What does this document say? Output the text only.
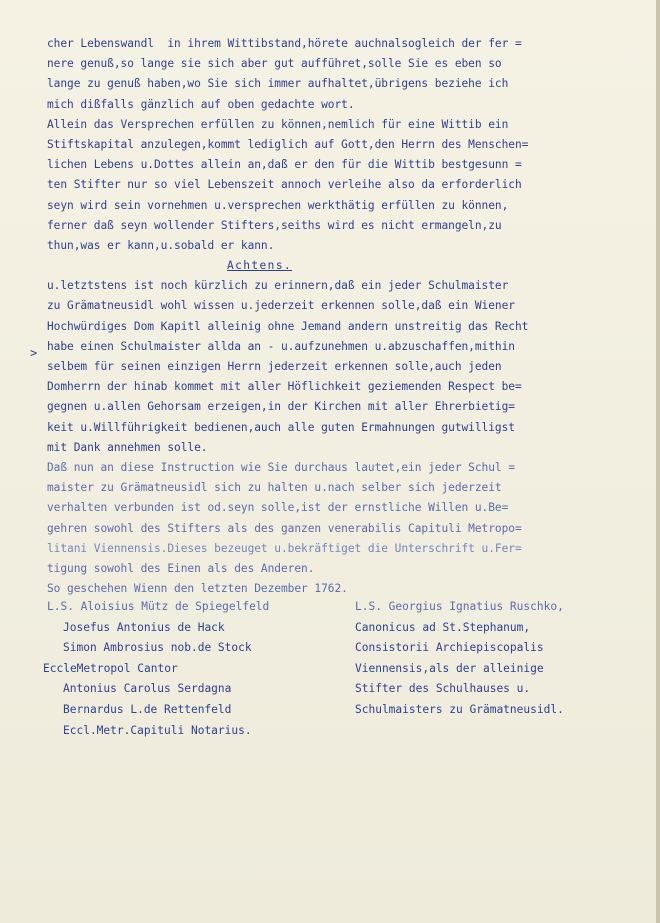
cher Lebenswandl  in ihrem Wittibstand,hörete auchnalsogleich der fer =
nere genuß,so lange sie sich aber gut aufführet,solle Sie es eben so
lange zu genuß haben,wo Sie sich immer aufhaltet,übrigens beziehe ich
mich dißfalls gänzlich auf oben gedachte wort.
Allein das Versprechen erfüllen zu können,nemlich für eine Wittib ein
Stiftskapital anzulegen,kommt lediglich auf Gott,den Herrn des Menschen=
lichen Lebens u.Dottes allein an,daß er den für die Wittib bestgesunn =
ten Stifter nur so viel Lebenszeit annoch verleihe also da erforderlich
seyn wird sein vornehmen u.versprechen werkthätig erfüllen zu können,
ferner daß seyn wollender Stifters,seiths wird es nicht ermangeln,zu
thun,was er kann,u.sobald er kann.
Achtens.
u.letztstens ist noch kürzlich zu erinnern,daß ein jeder Schulmaister
zu Grämatneusidl wohl wissen u.jederzeit erkennen solle,daß ein Wiener
Hochwürdiges Dom Kapitl alleinig ohne Jemand andern unstreitig das Recht
habe einen Schulmaister allda an - u.aufzunehmen u.abzuschaffen,mithin
selbem für seinen einzigen Herrn jederzeit erkennen solle,auch jeden
Domherrn der hinab kommet mit aller Höflichkeit geziemenden Respect be=
gegnen u.allen Gehorsam erzeigen,in der Kirchen mit aller Ehrerbietig=
keit u.Willführigkeit bedienen,auch alle guten Ermahnungen gutwilligst
mit Dank annehmen solle.
Daß nun an diese Instruction wie Sie durchaus lautet,ein jeder Schul =
maister zu Grämatneusidl sich zu halten u.nach selber sich jederzeit
verhalten verbunden ist od.seyn solle,ist der ernstliche Willen u.Be=
gehren sowohl des Stifters als des ganzen venerabilis Capituli Metropo=
litani Viennensis.Dieses bezeuget u.bekräftiget die Unterschrift u.Fer=
tigung sowohl des Einen als des Anderen.
So geschehen Wienn den letzten Dezember 1762.
>
L.S. Aloisius Mütz de Spiegelfeld
Josefus Antonius de Hack
Simon Ambrosius nob.de Stock
EcclеMetropol Cantor
Antonius Carolus Serdagna
Bernardus L.de Rettenfeld
Eccl.Metr.Capituli Notarius.
L.S. Georgius Ignatius Ruschko,
Canonicus ad St.Stephanum,
Consistorii Archiepiscopalis
Viennensis,als der alleinige
Stifter des Schulhauses u.
Schulmaisters zu Grämatneusidl.
